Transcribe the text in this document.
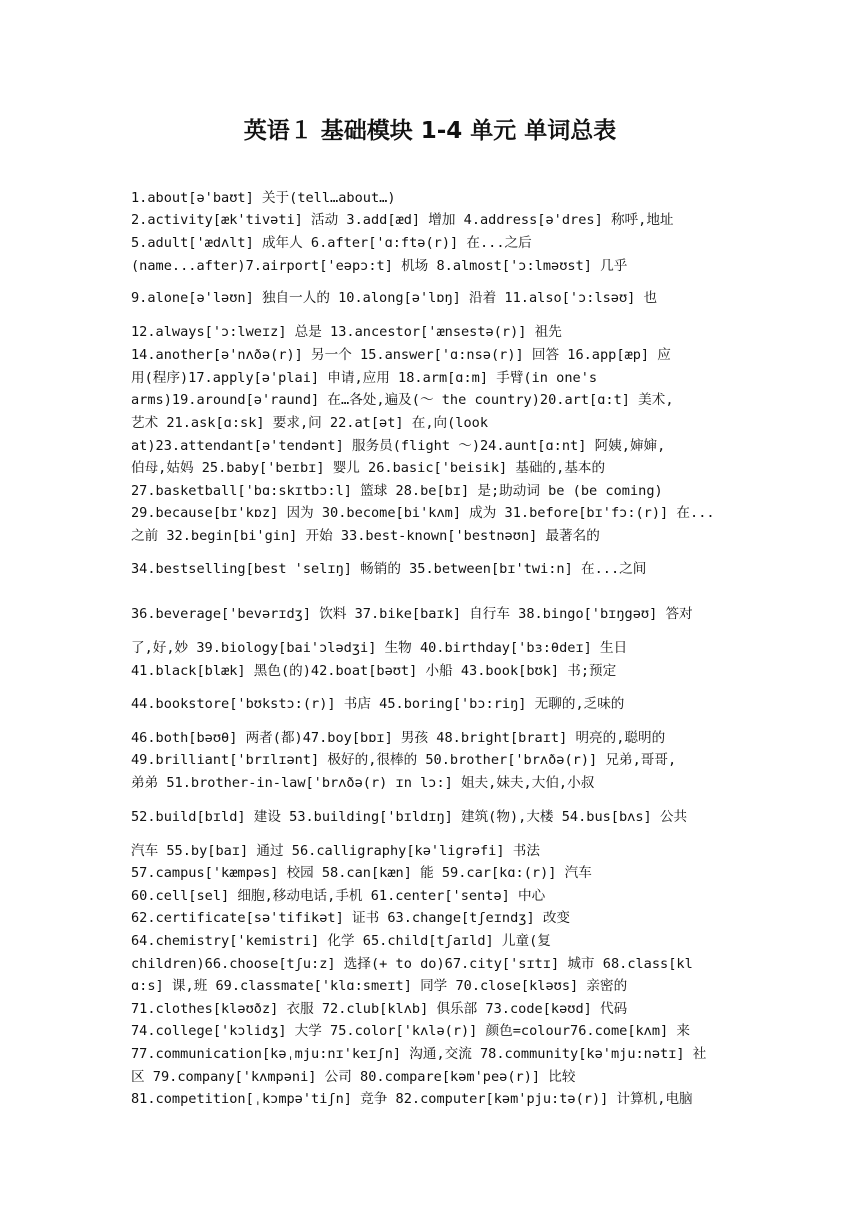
英语１ 基础模块 1-4 单元 单词总表
1.about[ə'baʊt] 关于(tell…about…)
2.activity[æk'tivəti] 活动 3.add[æd] 增加 4.address[ə'dres] 称呼,地址
5.adult['ædʌlt] 成年人 6.after['ɑ:ftə(r)] 在...之后
(name...after)7.airport['eəpɔ:t] 机场 8.almost['ɔ:lməʊst] 几乎
9.alone[ə'ləʊn] 独自一人的 10.along[ə'lɒŋ] 沿着 11.also['ɔ:lsəʊ] 也
12.always['ɔ:lweɪz] 总是 13.ancestor['ænsestə(r)] 祖先
14.another[ə'nʌðə(r)] 另一个 15.answer['ɑ:nsə(r)] 回答 16.app[æp] 应
用(程序)17.apply[ə'plai] 申请,应用 18.arm[ɑ:m] 手臂(in one's
arms)19.around[ə'raund] 在…各处,遍及(～ the country)20.art[ɑ:t] 美术,
艺术 21.ask[ɑ:sk] 要求,问 22.at[ət] 在,向(look
at)23.attendant[ə'tendənt] 服务员(flight ～)24.aunt[ɑ:nt] 阿姨,婶婶,
伯母,姑妈 25.baby['beɪbɪ] 婴儿 26.basic['beisik] 基础的,基本的
27.basketball['bɑ:skɪtbɔ:l] 篮球 28.be[bɪ] 是;助动词 be (be coming)
29.because[bɪ'kɒz] 因为 30.become[bi'kʌm] 成为 31.before[bɪ'fɔ:(r)] 在...
之前 32.begin[bi'gin] 开始 33.best-known['bestnəʊn] 最著名的
34.bestselling[best 'selɪŋ] 畅销的 35.between[bɪ'twi:n] 在...之间
36.beverage['bevərɪdʒ] 饮料 37.bike[baɪk] 自行车 38.bingo['bɪŋgəʊ] 答对
了,好,妙 39.biology[bai'ɔlədʒi] 生物 40.birthday['bɜ:θdeɪ] 生日
41.black[blæk] 黑色(的)42.boat[bəʊt] 小船 43.book[bʊk] 书;预定
44.bookstore['bʊkstɔ:(r)] 书店 45.boring['bɔ:riŋ] 无聊的,乏味的
46.both[bəʊθ] 两者(都)47.boy[bɒɪ] 男孩 48.bright[braɪt] 明亮的,聪明的
49.brilliant['brɪlɪənt] 极好的,很棒的 50.brother['brʌðə(r)] 兄弟,哥哥,
弟弟 51.brother-in-law['brʌðə(r) ɪn lɔ:] 姐夫,妹夫,大伯,小叔
52.build[bɪld] 建设 53.building['bɪldɪŋ] 建筑(物),大楼 54.bus[bʌs] 公共
汽车 55.by[baɪ] 通过 56.calligraphy[kə'ligrəfi] 书法
57.campus['kæmpəs] 校园 58.can[kæn] 能 59.car[kɑ:(r)] 汽车
60.cell[sel] 细胞,移动电话,手机 61.center['sentə] 中心
62.certificate[sə'tifikət] 证书 63.change[tʃeɪndʒ] 改变
64.chemistry['kemistri] 化学 65.child[tʃaɪld] 儿童(复
children)66.choose[tʃu:z] 选择(+ to do)67.city['sɪtɪ] 城市 68.class[kl
ɑ:s] 课,班 69.classmate['klɑ:smeɪt] 同学 70.close[kləʊs] 亲密的
71.clothes[kləʊðz] 衣服 72.club[klʌb] 俱乐部 73.code[kəʊd] 代码
74.college['kɔlidʒ] 大学 75.color['kʌlə(r)] 颜色=colour76.come[kʌm] 来
77.communication[kəˌmju:nɪ'keɪʃn] 沟通,交流 78.community[kə'mju:nətɪ] 社
区 79.company['kʌmpəni] 公司 80.compare[kəm'peə(r)] 比较
81.competition[ˌkɔmpə'tiʃn] 竞争 82.computer[kəm'pju:tə(r)] 计算机,电脑
